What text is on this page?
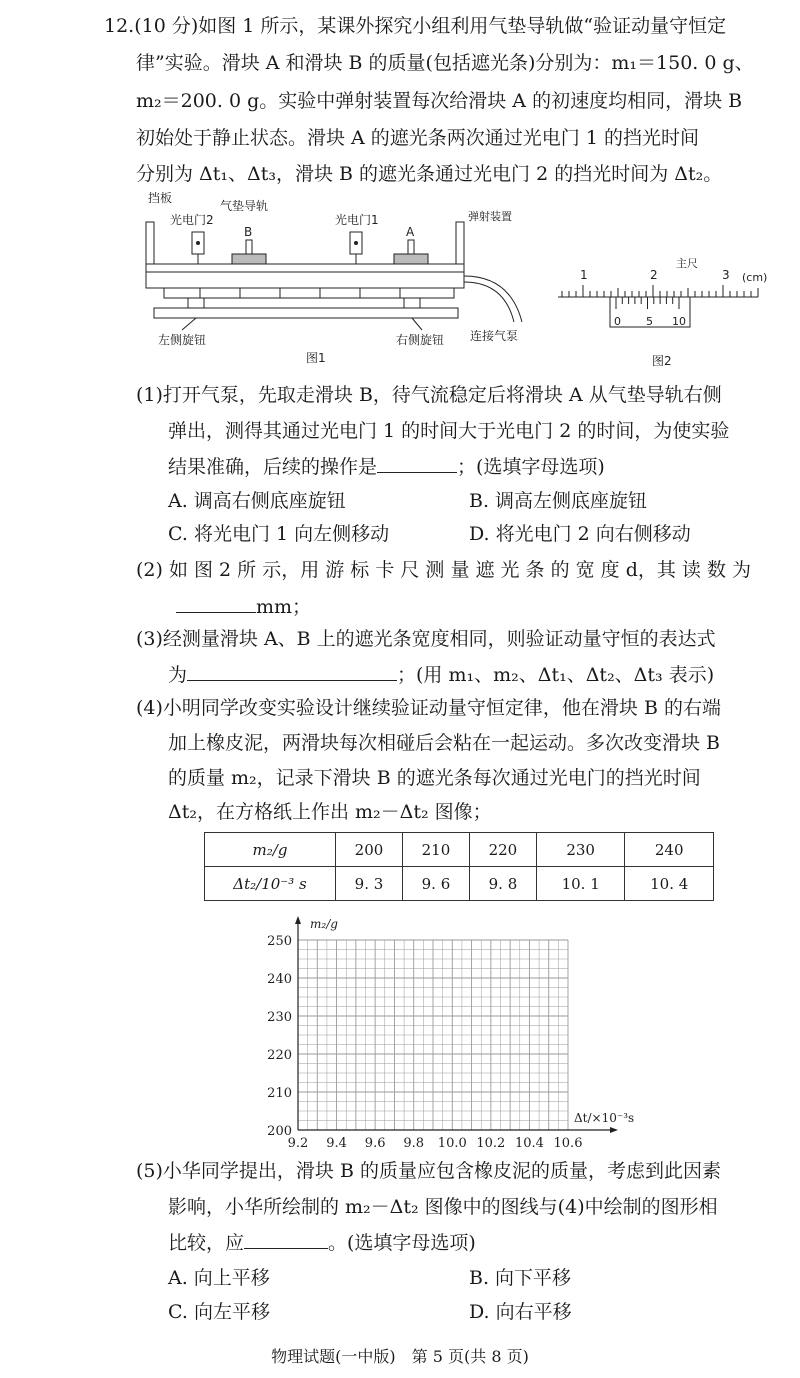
12.(10 分)如图 1 所示，某课外探究小组利用气垫导轨做“验证动量守恒定
律”实验。滑块 A 和滑块 B 的质量(包括遮光条)分别为：m₁＝150. 0 g、
m₂＝200. 0 g。实验中弹射装置每次给滑块 A 的初速度均相同，滑块 B
初始处于静止状态。滑块 A 的遮光条两次通过光电门 1 的挡光时间
分别为 Δt₁、Δt₃，滑块 B 的遮光条通过光电门 2 的挡光时间为 Δt₂。
挡板
弹射装置
气垫导轨
光电门2	光电门1
B	A
左侧旋钮	右侧旋钮 连接气泵
图1
主尺
(cm)
1	2	3
0 5 10
图2
(1)打开气泵，先取走滑块 B，待气流稳定后将滑块 A 从气垫导轨右侧
弹出，测得其通过光电门 1 的时间大于光电门 2 的时间，为使实验
结果准确，后续的操作是	；(选填字母选项)
A. 调高右侧底座旋钮	B. 调高左侧底座旋钮
C. 将光电门 1 向左侧移动	D. 将光电门 2 向右侧移动
(2) 如 图 2 所 示，用 游 标 卡 尺 测 量 遮 光 条 的 宽 度 d，其 读 数 为
mm；
(3)经测量滑块 A、B 上的遮光条宽度相同，则验证动量守恒的表达式
为	；(用 m₁、m₂、Δt₁、Δt₂、Δt₃ 表示)
(4)小明同学改变实验设计继续验证动量守恒定律，他在滑块 B 的右端
加上橡皮泥，两滑块每次相碰后会粘在一起运动。多次改变滑块 B
的质量 m₂，记录下滑块 B 的遮光条每次通过光电门的挡光时间
Δt₂，在方格纸上作出 m₂－Δt₂ 图像；
m₂/g	200	210	220	230	240
Δt₂/10⁻³ s	9. 3	9. 6	9. 8	10. 1	10. 4
9.2 9.4 9.6 9.8 10.0 10.2 10.4 10.6
200
210
220
230
240
250
m₂/g
Δt/×10⁻³s
(5)小华同学提出，滑块 B 的质量应包含橡皮泥的质量，考虑到此因素
影响，小华所绘制的 m₂－Δt₂ 图像中的图线与(4)中绘制的图形相
比较，应	。(选填字母选项)
A. 向上平移	B. 向下平移
C. 向左平移	D. 向右平移
物理试题(一中版)　第 5 页(共 8 页)
